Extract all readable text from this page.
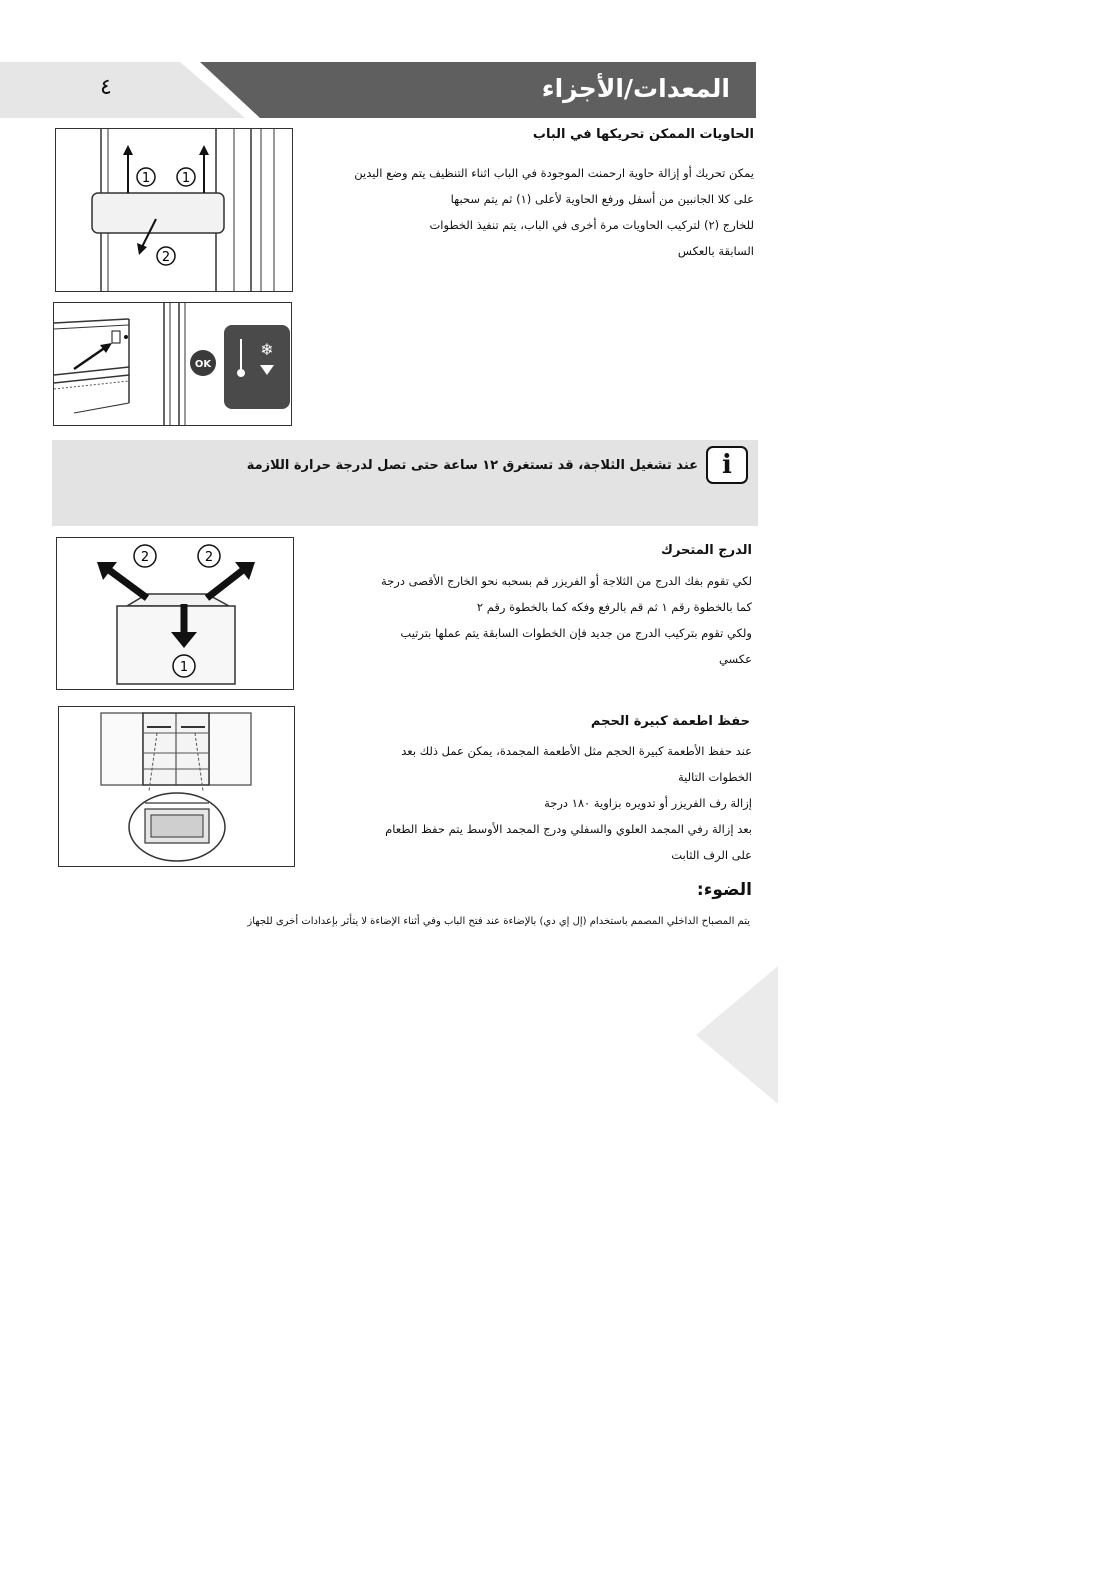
٤	المعدات/الأجزاء
الحاويات الممكن تحريكها في الباب
يمكن تحريك أو إزالة حاوية ارحمنت الموجودة في الباب اثناء التنظيف يتم وضع اليدين
على كلا الجانبين من أسفل ورفع الحاوية لأعلى (١) ثم يتم سحبها
للخارج (٢) لتركيب الحاويات مرة أخرى في الباب، يتم تنفيذ الخطوات
السابقة بالعكس
1 1
2
OK
❄
i
عند تشغيل الثلاجة، قد تستغرق ١٢ ساعة حتى تصل لدرجة حرارة اللازمة
الدرج المتحرك
لكي تقوم بفك الدرج من الثلاجة أو الفريزر قم بسحبه نحو الخارج الأقصى درجة
كما بالخطوة رقم ١ ثم قم بالرفع وفكه كما بالخطوة رقم ٢
ولكي تقوم بتركيب الدرج من جديد فإن الخطوات السابقة يتم عملها بترتيب
عكسي
2	2
1
حفظ اطعمة كبيرة الحجم
عند حفظ الأطعمة كبيرة الحجم مثل الأطعمة المجمدة، يمكن عمل ذلك بعد
الخطوات التالية
إزالة رف الفريزر أو تدويره بزاوية ١٨٠ درجة
بعد إزالة رفي المجمد العلوي والسفلي ودرج المجمد الأوسط يتم حفظ الطعام
على الرف الثابت
الضوء:
يتم المصباح الداخلي المصمم باستخدام (إل إي دي) بالإضاءة عند فتح الباب وفي أثناء الإضاءة لا يتأثر بإعدادات أخرى للجهاز
